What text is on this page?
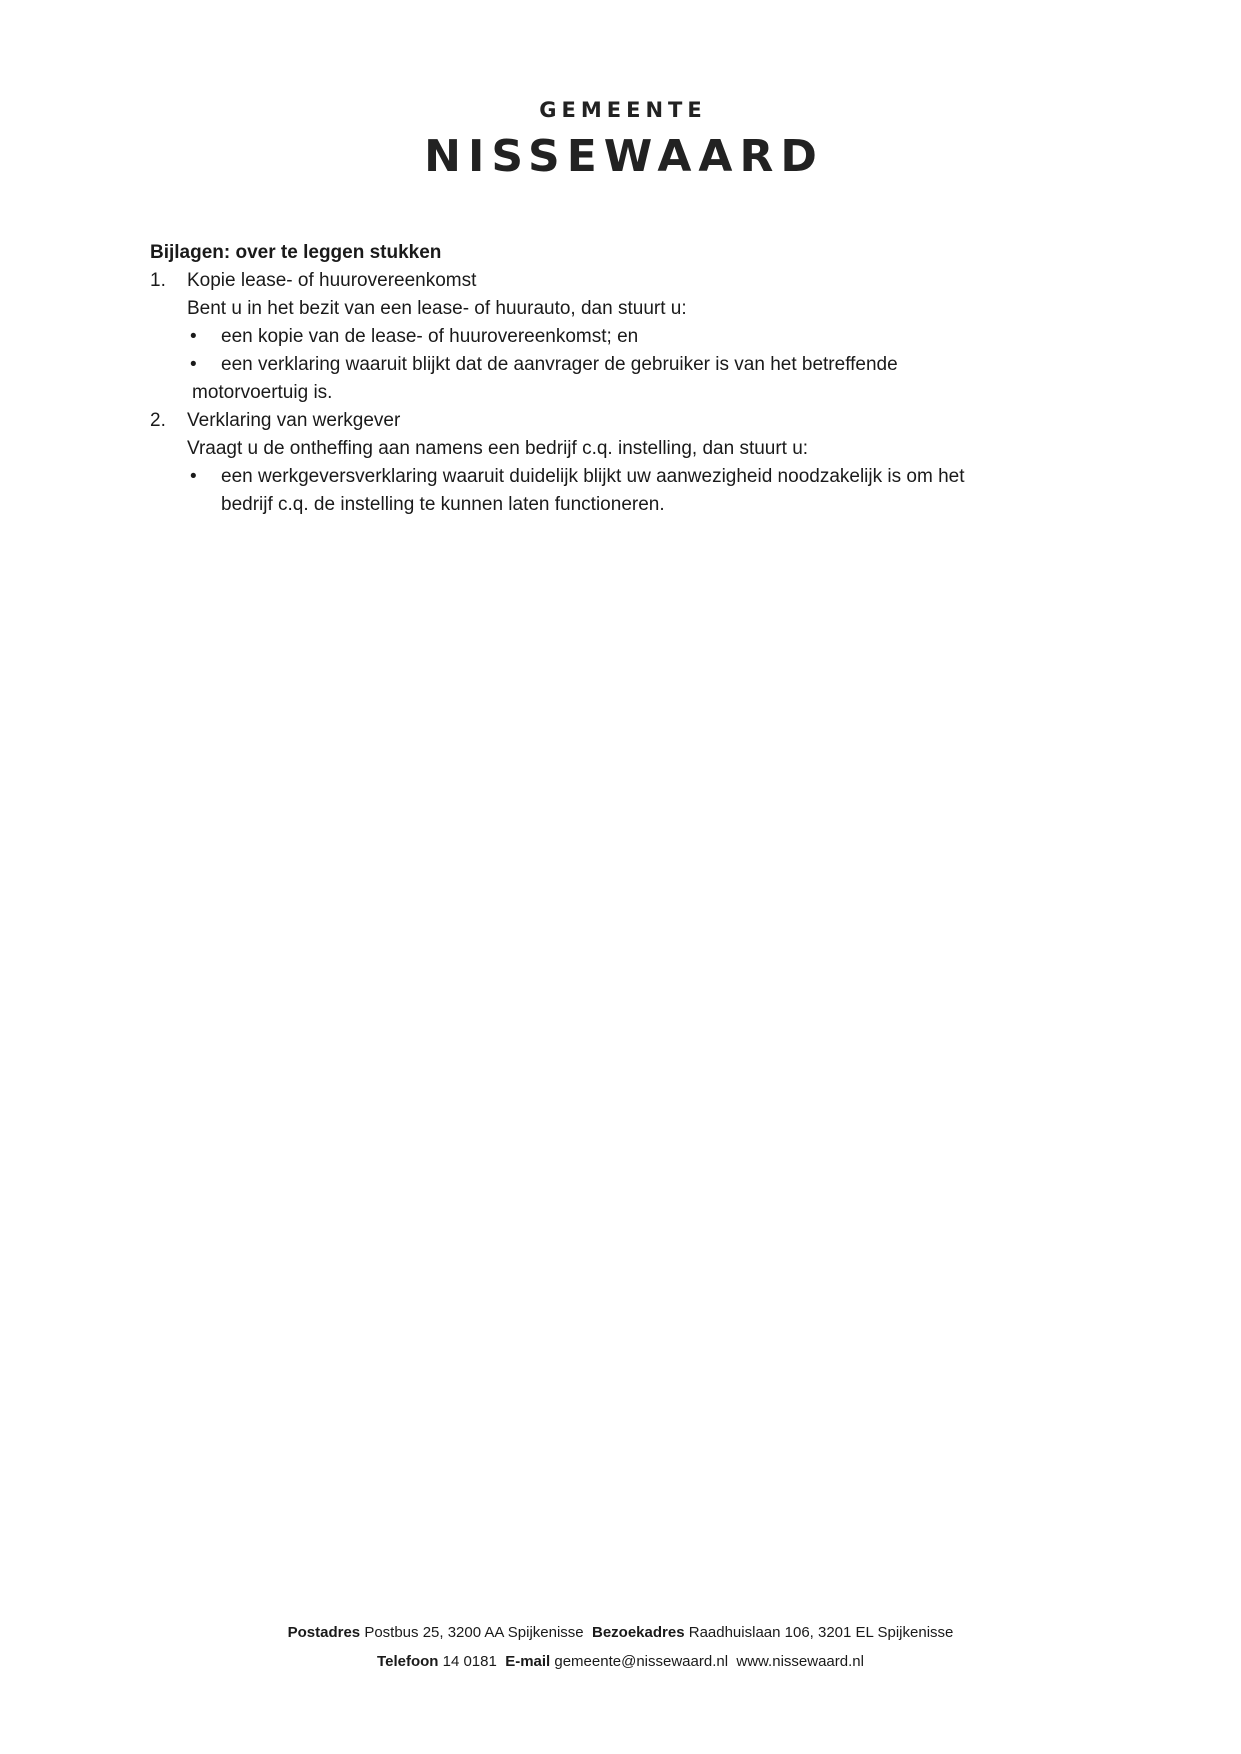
GEMEENTE
NISSEWAARD
Bijlagen: over te leggen stukken
1. Kopie lease- of huurovereenkomst
Bent u in het bezit van een lease- of huurauto, dan stuurt u:
• een kopie van de lease- of huurovereenkomst; en
• een verklaring waaruit blijkt dat de aanvrager de gebruiker is van het betreffende
motorvoertuig is.
2. Verklaring van werkgever
Vraagt u de ontheffing aan namens een bedrijf c.q. instelling, dan stuurt u:
• een werkgeversverklaring waaruit duidelijk blijkt uw aanwezigheid noodzakelijk is om het
bedrijf c.q. de instelling te kunnen laten functioneren.
Postadres Postbus 25, 3200 AA Spijkenisse Bezoekadres Raadhuislaan 106, 3201 EL Spijkenisse
Telefoon 14 0181 E-mail gemeente@nissewaard.nl www.nissewaard.nl
